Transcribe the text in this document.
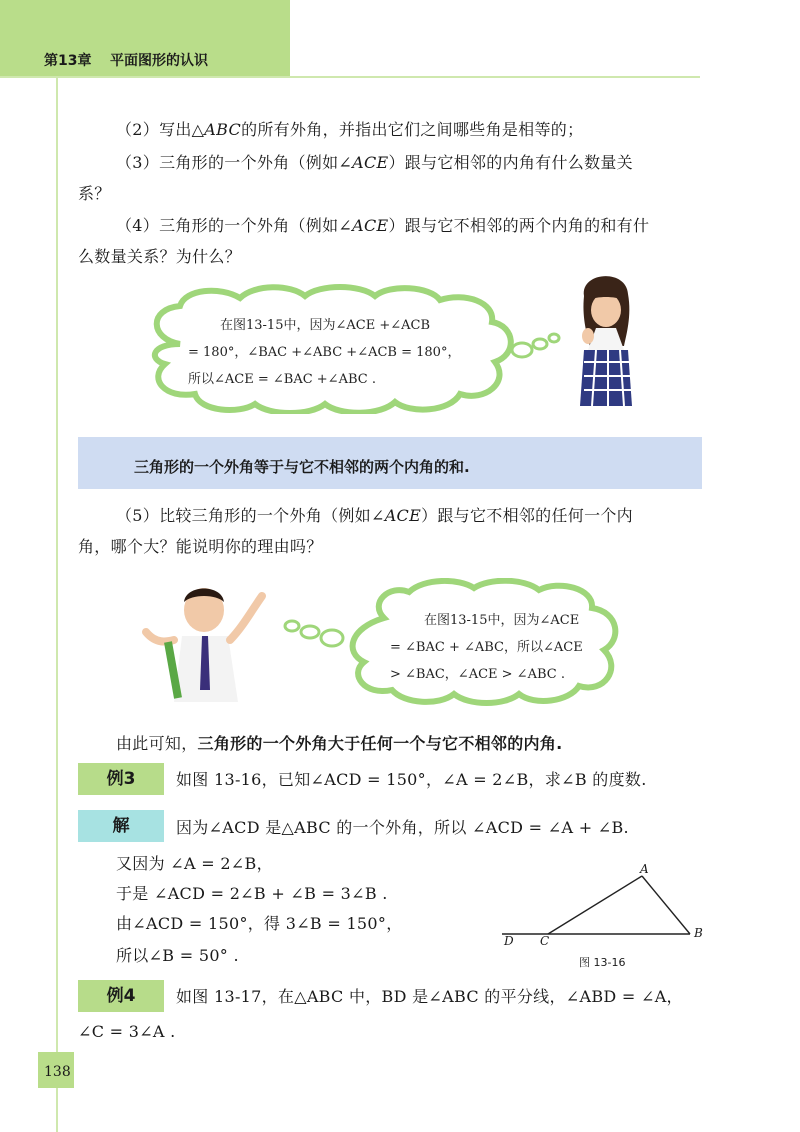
第13章 平面图形的认识
（2）写出△ABC的所有外角，并指出它们之间哪些角是相等的；
（3）三角形的一个外角（例如∠ACE）跟与它相邻的内角有什么数量关
系？
（4）三角形的一个外角（例如∠ACE）跟与它不相邻的两个内角的和有什
么数量关系？为什么？
在图13-15中，因为∠ACE +∠ACB
= 180°，∠BAC +∠ABC +∠ACB = 180°，
所以∠ACE = ∠BAC +∠ABC .
三角形的一个外角等于与它不相邻的两个内角的和.
（5）比较三角形的一个外角（例如∠ACE）跟与它不相邻的任何一个内
角，哪个大？能说明你的理由吗？
在图13-15中，因为∠ACE
= ∠BAC + ∠ABC，所以∠ACE
> ∠BAC，∠ACE > ∠ABC .
由此可知，三角形的一个外角大于任何一个与它不相邻的内角.
例3	如图 13-16，已知∠ACD = 150°，∠A = 2∠B，求∠B 的度数.
解	因为∠ACD 是△ABC 的一个外角，所以 ∠ACD = ∠A + ∠B.
又因为 ∠A = 2∠B，
于是 ∠ACD = 2∠B + ∠B = 3∠B .
由∠ACD = 150°，得 3∠B = 150°，
所以∠B = 50° .
A
B
C
D
图 13-16
例4	如图 13-17，在△ABC 中，BD 是∠ABC 的平分线，∠ABD = ∠A，
∠C = 3∠A .
138
